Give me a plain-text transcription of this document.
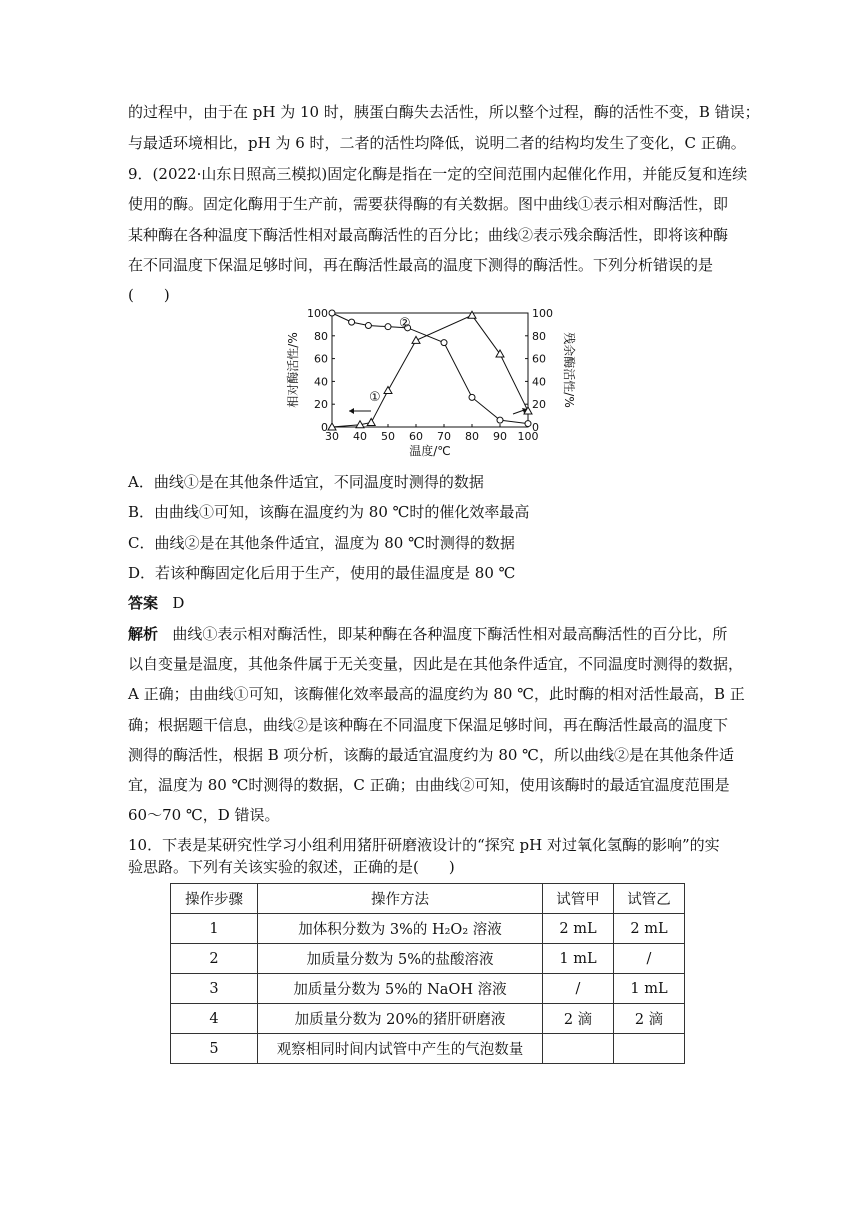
的过程中，由于在 pH 为 10 时，胰蛋白酶失去活性，所以整个过程，酶的活性不变，B 错误；
与最适环境相比，pH 为 6 时，二者的活性均降低，说明二者的结构均发生了变化，C 正确。
9．(2022·山东日照高三模拟)固定化酶是指在一定的空间范围内起催化作用，并能反复和连续
使用的酶。固定化酶用于生产前，需要获得酶的有关数据。图中曲线①表示相对酶活性，即
某种酶在各种温度下酶活性相对最高酶活性的百分比；曲线②表示残余酶活性，即将该种酶
在不同温度下保温足够时间，再在酶活性最高的温度下测得的酶活性。下列分析错误的是
(　　)
30 40 50 60 70 80 90 100
0	0
20	20
40	40
60	60
80	80
100	100
①
②
温度/℃
相对酶活性/%	残余酶活性/%
A．曲线①是在其他条件适宜，不同温度时测得的数据
B．由曲线①可知，该酶在温度约为 80 ℃时的催化效率最高
C．曲线②是在其他条件适宜，温度为 80 ℃时测得的数据
D．若该种酶固定化后用于生产，使用的最佳温度是 80 ℃
答案 D
解析 曲线①表示相对酶活性，即某种酶在各种温度下酶活性相对最高酶活性的百分比，所
以自变量是温度，其他条件属于无关变量，因此是在其他条件适宜，不同温度时测得的数据，
A 正确；由曲线①可知，该酶催化效率最高的温度约为 80 ℃，此时酶的相对活性最高，B 正
确；根据题干信息，曲线②是该种酶在不同温度下保温足够时间，再在酶活性最高的温度下
测得的酶活性，根据 B 项分析，该酶的最适宜温度约为 80 ℃，所以曲线②是在其他条件适
宜，温度为 80 ℃时测得的数据，C 正确；由曲线②可知，使用该酶时的最适宜温度范围是
60～70 ℃，D 错误。
10．下表是某研究性学习小组利用猪肝研磨液设计的“探究 pH 对过氧化氢酶的影响”的实
验思路。下列有关该实验的叙述，正确的是(　　)
操作步骤	操作方法	试管甲	试管乙
1	加体积分数为 3%的 H₂O₂ 溶液	2 mL	2 mL
2	加质量分数为 5%的盐酸溶液	1 mL	/
3	加质量分数为 5%的 NaOH 溶液	/	1 mL
4	加质量分数为 20%的猪肝研磨液	2 滴	2 滴
5	观察相同时间内试管中产生的气泡数量		
